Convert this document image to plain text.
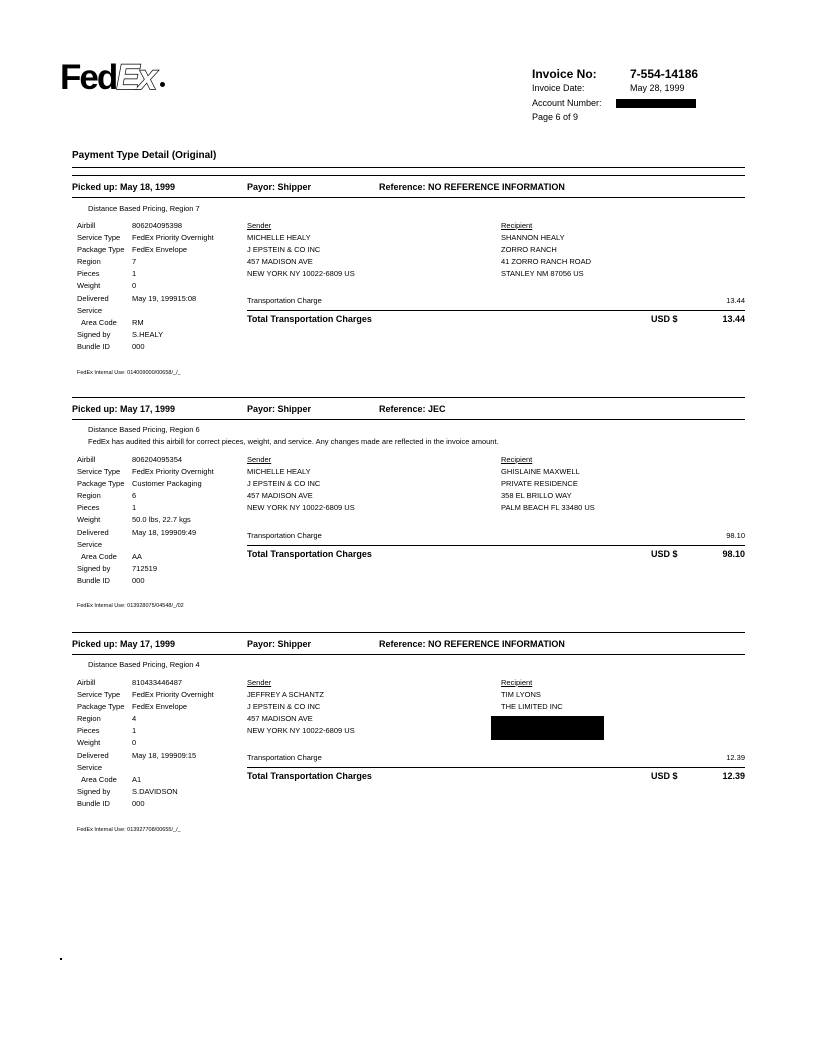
FedEx	Invoice No:	7-554-14186
Invoice Date:	May 28, 1999
Account Number:
Page 6 of 9
Payment Type Detail (Original)
Picked up: May 18, 1999	Payor: Shipper	Reference: NO REFERENCE INFORMATION
Distance Based Pricing, Region 7
Airbill	806204095398
Service Type	FedEx Priority Overnight
Package Type	FedEx Envelope
Region	7
Pieces	1
Weight	0
Delivered	May 19, 199915:08
Service
Area Code	RM
Signed by	S.HEALY
Bundle ID	000
Sender
MICHELLE HEALY
J EPSTEIN & CO INC
457 MADISON AVE
NEW YORK NY 10022-6809 US
Recipient
SHANNON HEALY
ZORRO RANCH
41 ZORRO RANCH ROAD
STANLEY NM 87056 US
Transportation Charge	13.44
Total Transportation Charges	USD $	13.44
FedEx Internal Use: 014009000/00658/_/_
Picked up: May 17, 1999	Payor: Shipper	Reference: JEC
Distance Based Pricing, Region 6
FedEx has audited this airbill for correct pieces, weight, and service. Any changes made are reflected in the invoice amount.
Airbill	806204095354
Service Type	FedEx Priority Overnight
Package Type	Customer Packaging
Region	6
Pieces	1
Weight	50.0 lbs, 22.7 kgs
Delivered	May 18, 199909:49
Service
Area Code	AA
Signed by	712519
Bundle ID	000
Sender
MICHELLE HEALY
J EPSTEIN & CO INC
457 MADISON AVE
NEW YORK NY 10022-6809 US
Recipient
GHISLAINE MAXWELL
PRIVATE RESIDENCE
358 EL BRILLO WAY
PALM BEACH FL 33480 US
Transportation Charge	98.10
Total Transportation Charges	USD $	98.10
FedEx Internal Use: 013928075/04548/_/02
Picked up: May 17, 1999	Payor: Shipper	Reference: NO REFERENCE INFORMATION
Distance Based Pricing, Region 4
Airbill	810433446487
Service Type	FedEx Priority Overnight
Package Type	FedEx Envelope
Region	4
Pieces	1
Weight	0
Delivered	May 18, 199909:15
Service
Area Code	A1
Signed by	S.DAVIDSON
Bundle ID	000
Sender
JEFFREY A SCHANTZ
J EPSTEIN & CO INC
457 MADISON AVE
NEW YORK NY 10022-6809 US
Recipient
TIM LYONS
THE LIMITED INC
Transportation Charge	12.39
Total Transportation Charges	USD $	12.39
FedEx Internal Use: 013927708/00655/_/_
